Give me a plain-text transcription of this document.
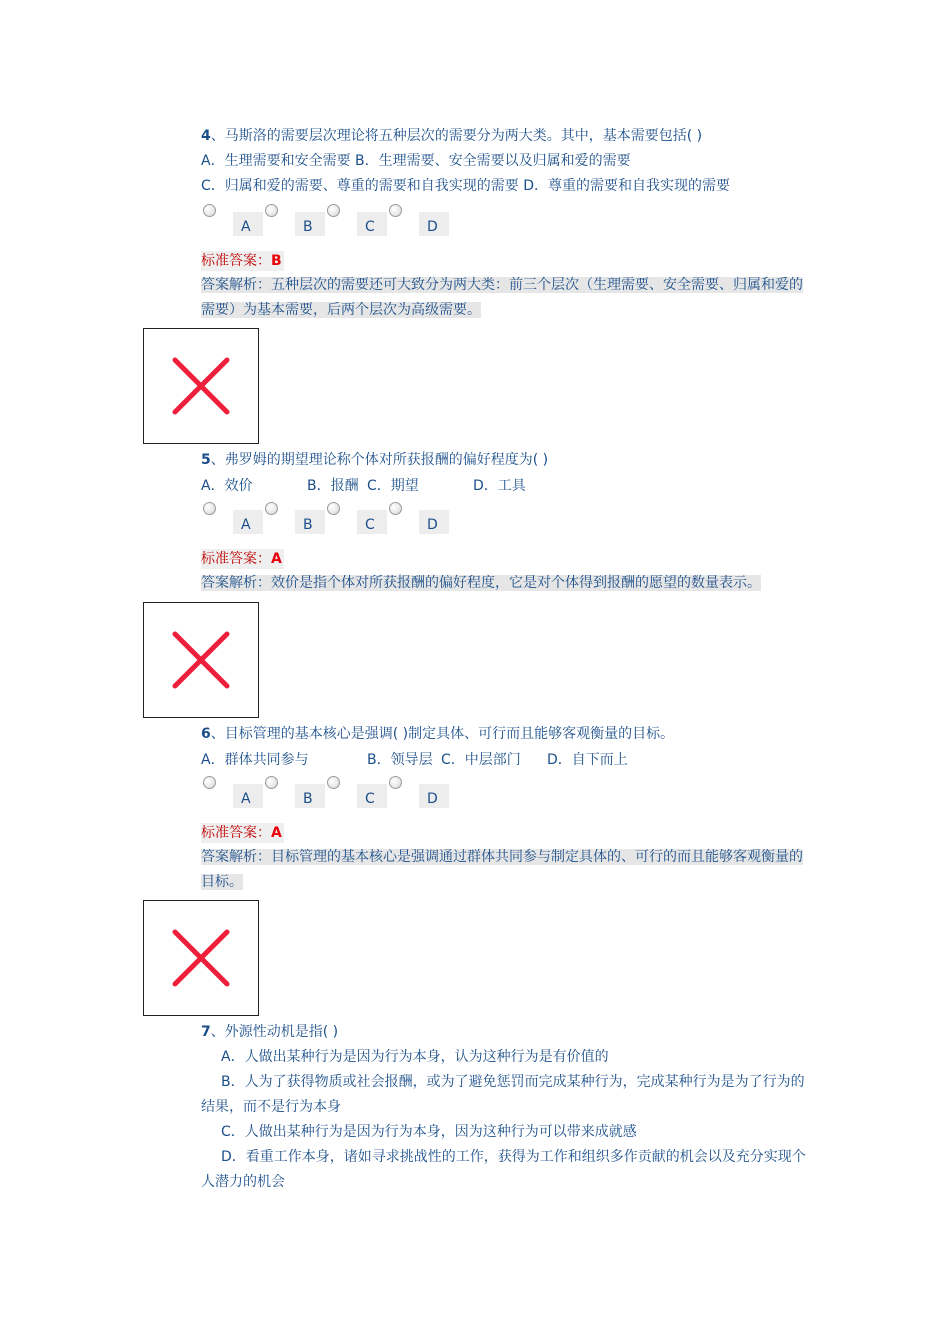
4、马斯洛的需要层次理论将五种层次的需要分为两大类。其中，基本需要包括( )
A．生理需要和安全需要 B．生理需要、安全需要以及归属和爱的需要
C．归属和爱的需要、尊重的需要和自我实现的需要 D．尊重的需要和自我实现的需要
A	B	C	D
标准答案：B
答案解析：五种层次的需要还可大致分为两大类：前三个层次（生理需要、安全需要、归属和爱的需要）为基本需要，后两个层次为高级需要。
5、弗罗姆的期望理论称个体对所获报酬的偏好程度为( )
A．效价	B．报酬 C．期望	D．工具
A	B	C	D
标准答案：A
答案解析：效价是指个体对所获报酬的偏好程度，它是对个体得到报酬的愿望的数量表示。
6、目标管理的基本核心是强调( )制定具体、可行而且能够客观衡量的目标。
A．群体共同参与	B．领导层 C．中层部门 D．自下而上
A	B	C	D
标准答案：A
答案解析：目标管理的基本核心是强调通过群体共同参与制定具体的、可行的而且能够客观衡量的目标。
7、外源性动机是指( )
A．人做出某种行为是因为行为本身，认为这种行为是有价值的
B．人为了获得物质或社会报酬，或为了避免惩罚而完成某种行为，完成某种行为是为了行为的结果，而不是行为本身
C．人做出某种行为是因为行为本身，因为这种行为可以带来成就感
D．看重工作本身，诸如寻求挑战性的工作，获得为工作和组织多作贡献的机会以及充分实现个人潜力的机会
